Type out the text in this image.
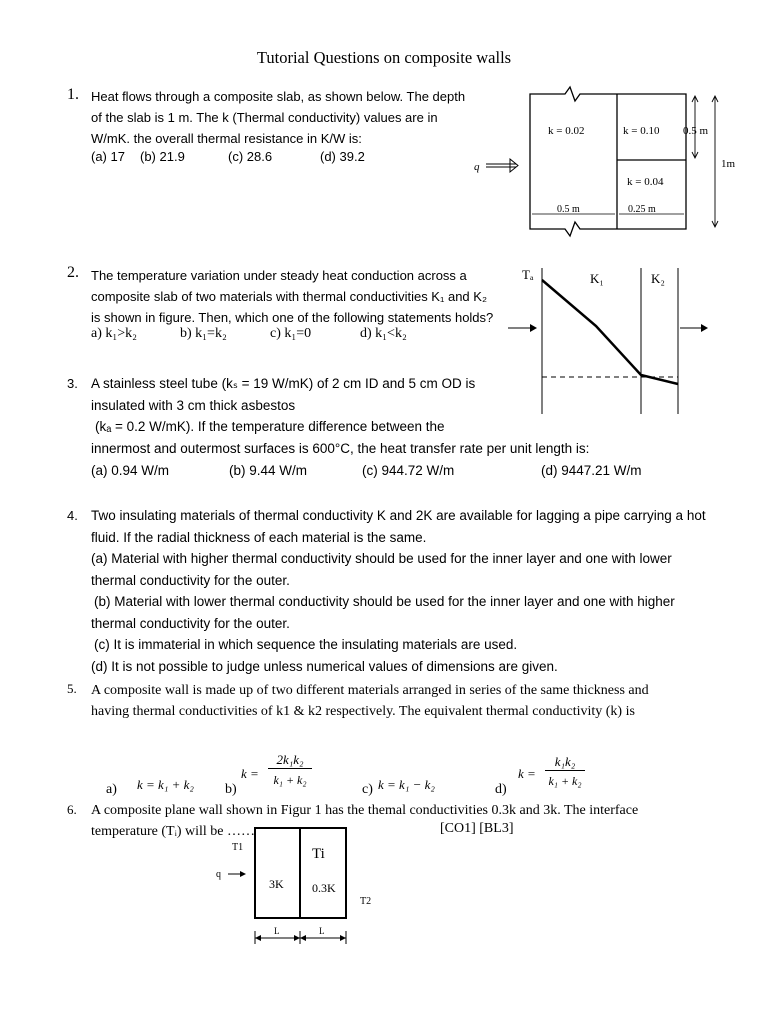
Tutorial Questions on composite walls
1. Heat flows through a composite slab, as shown below. The depth
of the slab is 1 m. The k (Thermal conductivity) values are in
W/mK. the overall thermal resistance in K/W is:
(a) 17 (b) 21.9	(c) 28.6	(d) 39.2
k = 0.02	k = 0.10
k = 0.04
0.5 m
1m
0.5 m	0.25 m
q
2. The temperature variation under steady heat conduction across a
composite slab of two materials with thermal conductivities K₁ and K₂
is shown in figure. Then, which one of the following statements holds?
a) k₁>k₂	b) k₁=k₂	c) k₁=0	d) k₁<k₂
Tₐ	K₁	K₂
3. A stainless steel tube (kₛ = 19 W/mK) of 2 cm ID and 5 cm OD is
insulated with 3 cm thick asbestos
(kₐ = 0.2 W/mK). If the temperature difference between the
innermost and outermost surfaces is 600°C, the heat transfer rate per unit length is:
(a) 0.94 W/m	(b) 9.44 W/m	(c) 944.72 W/m	(d) 9447.21 W/m
4. Two insulating materials of thermal conductivity K and 2K are available for lagging a pipe carrying a hot
fluid. If the radial thickness of each material is the same.
(a) Material with higher thermal conductivity should be used for the inner layer and one with lower
thermal conductivity for the outer.
(b) Material with lower thermal conductivity should be used for the inner layer and one with higher
thermal conductivity for the outer.
(c) It is immaterial in which sequence the insulating materials are used.
(d) It is not possible to judge unless numerical values of dimensions are given.
5. A composite wall is made up of two different materials arranged in series of the same thickness and
having thermal conductivities of k1 & k2 respectively. The equivalent thermal conductivity (k) is
a) k = k₁ + k₂ b)
k =
2k₁k₂
k₁ + k₂
c) k = k₁ − k₂	d)
k =
k₁k₂
k₁ + k₂
6. A composite plane wall shown in Figur 1 has the themal conductivities 0.3k and 3k. The interface
temperature (Tᵢ) will be ……	[CO1] [BL3]
T1	Ti
q
3K 0.3K
T2
L	L
